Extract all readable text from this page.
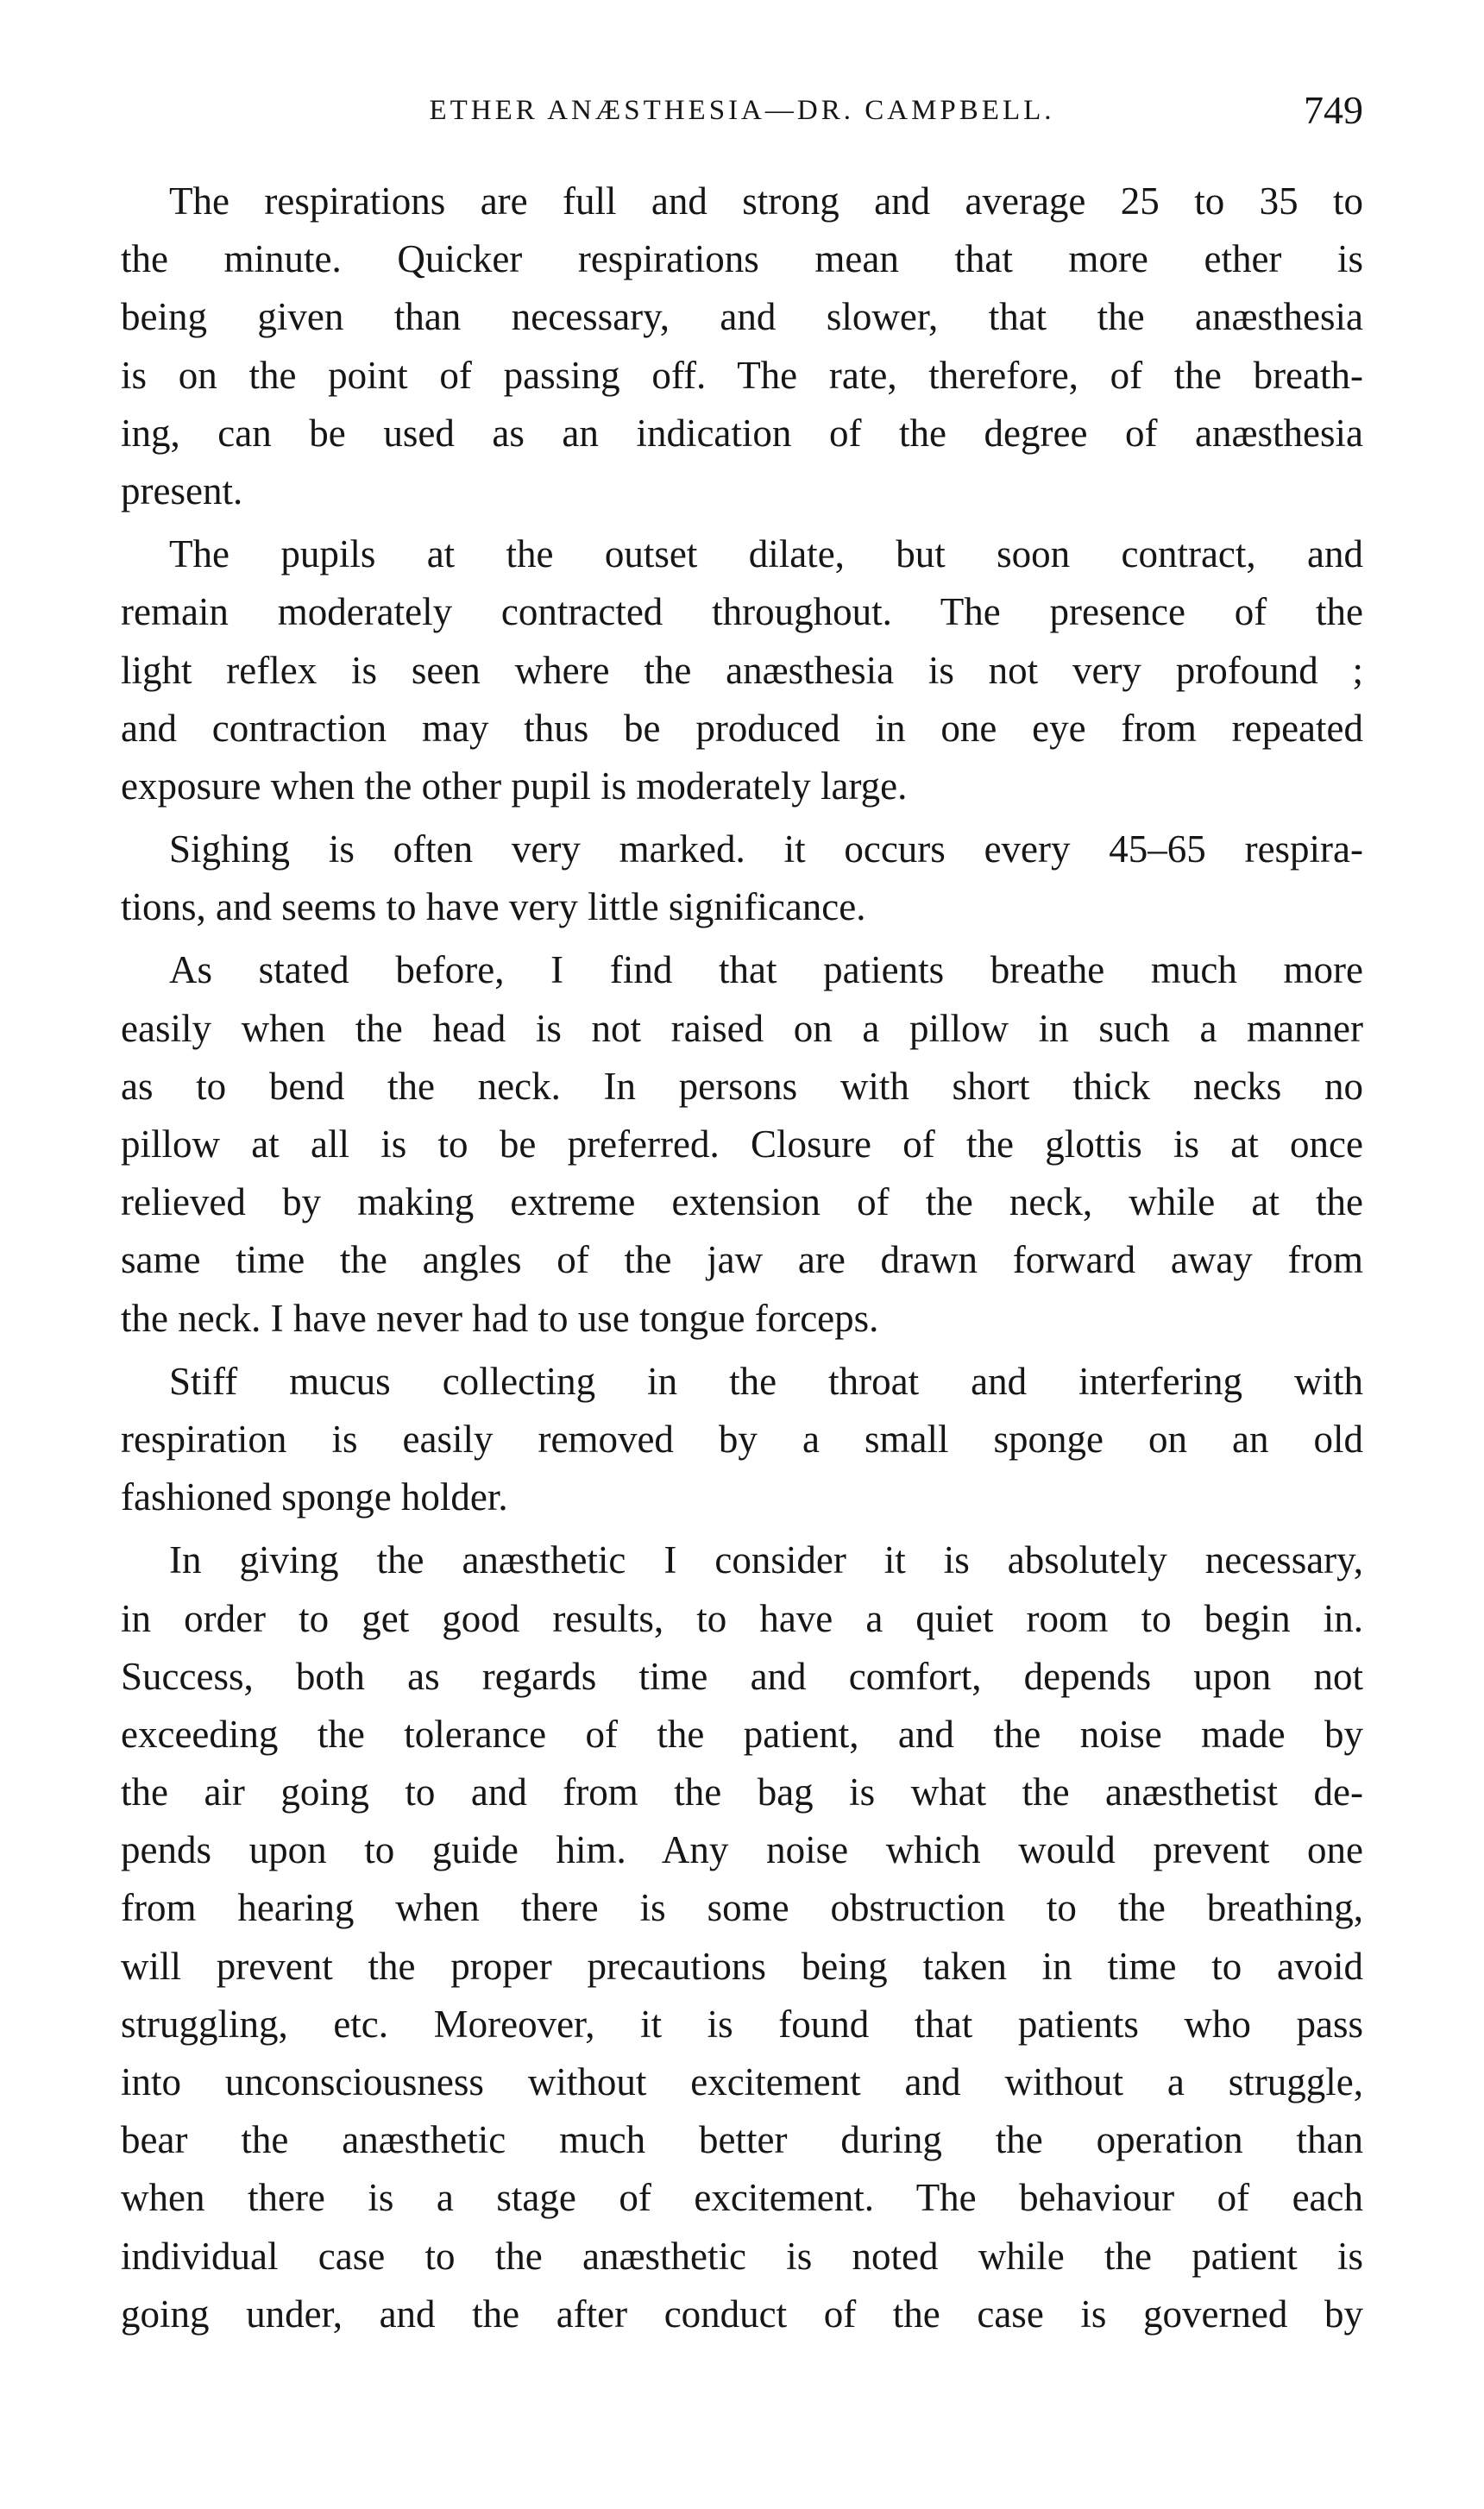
ETHER ANÆSTHESIA—DR. CAMPBELL.	749
The respirations are full and strong and average 25 to 35 to
the minute. Quicker respirations mean that more ether is
being given than necessary, and slower, that the anæsthesia
is on the point of passing off. The rate, therefore, of the breath-
ing, can be used as an indication of the degree of anæsthesia
present.
The pupils at the outset dilate, but soon contract, and
remain moderately contracted throughout. The presence of the
light reflex is seen where the anæsthesia is not very profound ;
and contraction may thus be produced in one eye from repeated
exposure when the other pupil is moderately large.
Sighing is often very marked. it occurs every 45–65 respira-
tions, and seems to have very little significance.
As stated before, I find that patients breathe much more
easily when the head is not raised on a pillow in such a manner
as to bend the neck. In persons with short thick necks no
pillow at all is to be preferred. Closure of the glottis is at once
relieved by making extreme extension of the neck, while at the
same time the angles of the jaw are drawn forward away from
the neck. I have never had to use tongue forceps.
Stiff mucus collecting in the throat and interfering with
respiration is easily removed by a small sponge on an old
fashioned sponge holder.
In giving the anæsthetic I consider it is absolutely necessary,
in order to get good results, to have a quiet room to begin in.
Success, both as regards time and comfort, depends upon not
exceeding the tolerance of the patient, and the noise made by
the air going to and from the bag is what the anæsthetist de-
pends upon to guide him. Any noise which would prevent one
from hearing when there is some obstruction to the breathing,
will prevent the proper precautions being taken in time to avoid
struggling, etc. Moreover, it is found that patients who pass
into unconsciousness without excitement and without a struggle,
bear the anæsthetic much better during the operation than
when there is a stage of excitement. The behaviour of each
individual case to the anæsthetic is noted while the patient is
going under, and the after conduct of the case is governed by
